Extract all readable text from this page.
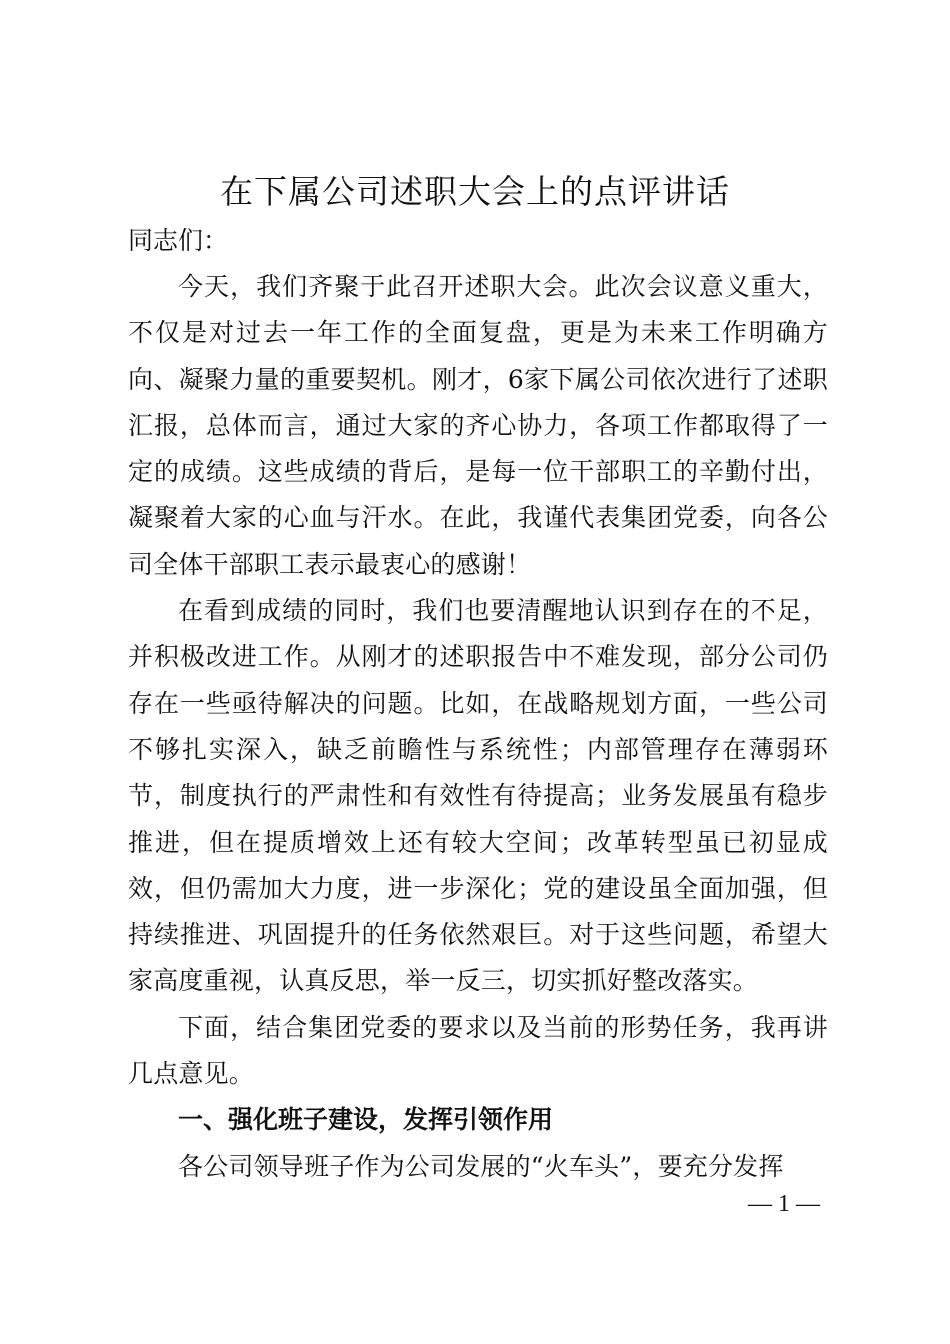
在下属公司述职大会上的点评讲话

同志们：

今天，我们齐聚于此召开述职大会。此次会议意义重大，不仅是对过去一年工作的全面复盘，更是为未来工作明确方向、凝聚力量的重要契机。刚才，6家下属公司依次进行了述职汇报，总体而言，通过大家的齐心协力，各项工作都取得了一定的成绩。这些成绩的背后，是每一位干部职工的辛勤付出，凝聚着大家的心血与汗水。在此，我谨代表集团党委，向各公司全体干部职工表示最衷心的感谢！

在看到成绩的同时，我们也要清醒地认识到存在的不足，并积极改进工作。从刚才的述职报告中不难发现，部分公司仍存在一些亟待解决的问题。比如，在战略规划方面，一些公司不够扎实深入，缺乏前瞻性与系统性；内部管理存在薄弱环节，制度执行的严肃性和有效性有待提高；业务发展虽有稳步推进，但在提质增效上还有较大空间；改革转型虽已初显成效，但仍需加大力度，进一步深化；党的建设虽全面加强，但持续推进、巩固提升的任务依然艰巨。对于这些问题，希望大家高度重视，认真反思，举一反三，切实抓好整改落实。

下面，结合集团党委的要求以及当前的形势任务，我再讲几点意见。

一、强化班子建设，发挥引领作用

各公司领导班子作为公司发展的“火车头”，要充分发挥

— 1 —
